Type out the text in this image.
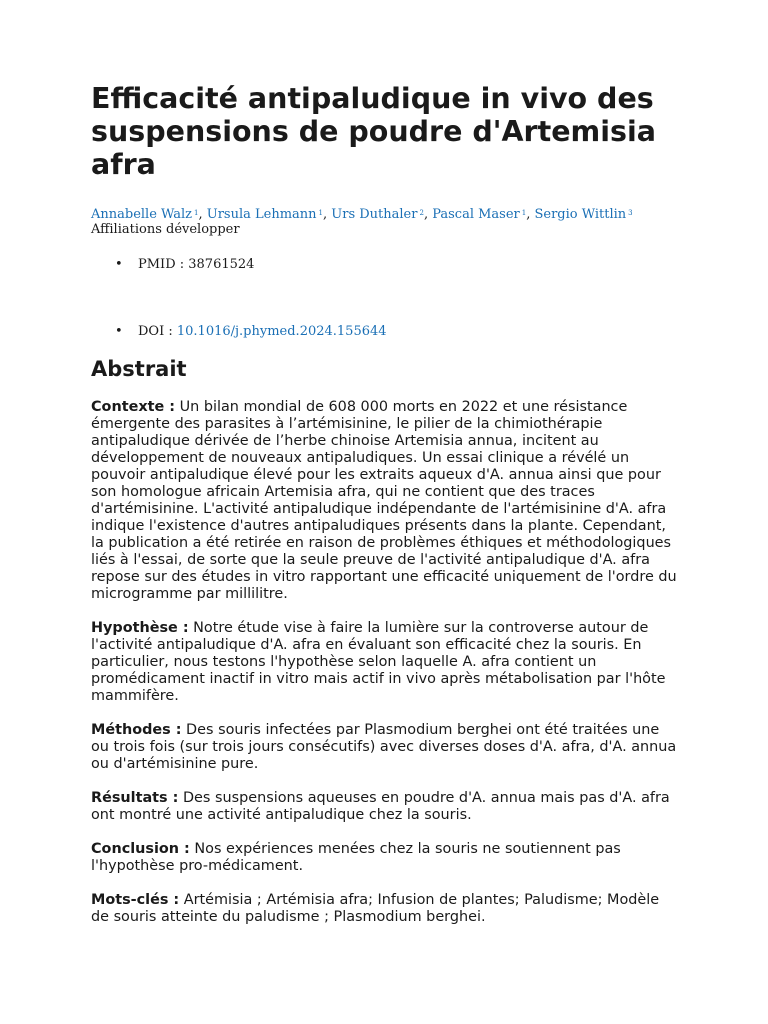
Efficacité antipaludique in vivo des suspensions de poudre d'Artemisia afra
Annabelle Walz $^1$, Ursula Lehmann $^1$, Urs Duthaler $^2$, Pascal Maser $^1$, Sergio Wittlin $^3$
Affiliations développer
• PMID : 38761524
• DOI : 10.1016/j.phymed.2024.155644
Abstrait

Contexte : Un bilan mondial de 608 000 morts en 2022 et une résistance émergente des parasites à l’artémisinine, le pilier de la chimiothérapie antipaludique dérivée de l’herbe chinoise Artemisia annua, incitent au développement de nouveaux antipaludiques. Un essai clinique a révélé un pouvoir antipaludique élevé pour les extraits aqueux d'A. annua ainsi que pour son homologue africain Artemisia afra, qui ne contient que des traces d'artémisinine. L'activité antipaludique indépendante de l'artémisinine d'A. afra indique l'existence d'autres antipaludiques présents dans la plante. Cependant, la publication a été retirée en raison de problèmes éthiques et méthodologiques liés à l'essai, de sorte que la seule preuve de l'activité antipaludique d'A. afra repose sur des études in vitro rapportant une efficacité uniquement de l'ordre du microgramme par millilitre.

Hypothèse : Notre étude vise à faire la lumière sur la controverse autour de l'activité antipaludique d'A. afra en évaluant son efficacité chez la souris. En particulier, nous testons l'hypothèse selon laquelle A. afra contient un promédicament inactif in vitro mais actif in vivo après métabolisation par l'hôte mammifère.

Méthodes : Des souris infectées par Plasmodium berghei ont été traitées une ou trois fois (sur trois jours consécutifs) avec diverses doses d'A. afra, d'A. annua ou d'artémisinine pure.

Résultats : Des suspensions aqueuses en poudre d'A. annua mais pas d'A. afra ont montré une activité antipaludique chez la souris.

Conclusion : Nos expériences menées chez la souris ne soutiennent pas l'hypothèse pro-médicament.

Mots-clés : Artémisia ; Artémisia afra; Infusion de plantes; Paludisme; Modèle de souris atteinte du paludisme ; Plasmodium berghei.
